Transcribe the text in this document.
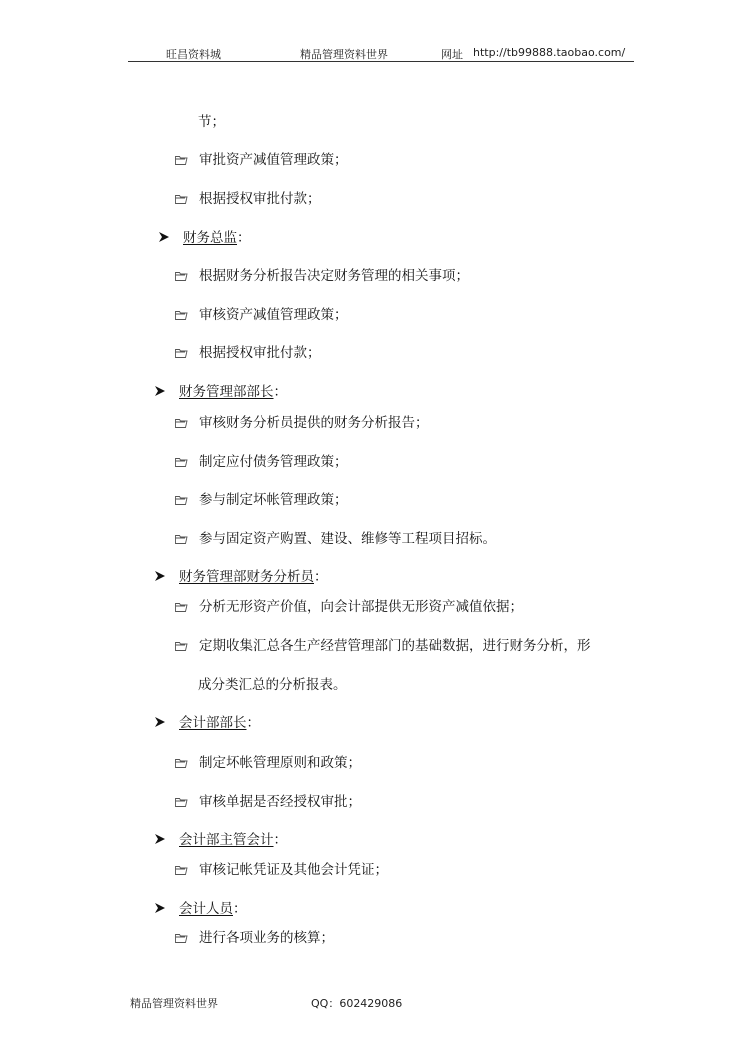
旺昌资料城	精品管理资料世界	网址 http://tb99888.taobao.com/
节；
审批资产减值管理政策；
根据授权审批付款；
财务总监：
根据财务分析报告决定财务管理的相关事项；
审核资产减值管理政策；
根据授权审批付款；
财务管理部部长：
审核财务分析员提供的财务分析报告；
制定应付债务管理政策；
参与制定坏帐管理政策；
参与固定资产购置、建设、维修等工程项目招标。
财务管理部财务分析员：
分析无形资产价值，向会计部提供无形资产减值依据；
定期收集汇总各生产经营管理部门的基础数据，进行财务分析，形
成分类汇总的分析报表。
会计部部长：
制定坏帐管理原则和政策；
审核单据是否经授权审批；
会计部主管会计：
审核记帐凭证及其他会计凭证；
会计人员：
进行各项业务的核算；
精品管理资料世界	QQ：602429086
